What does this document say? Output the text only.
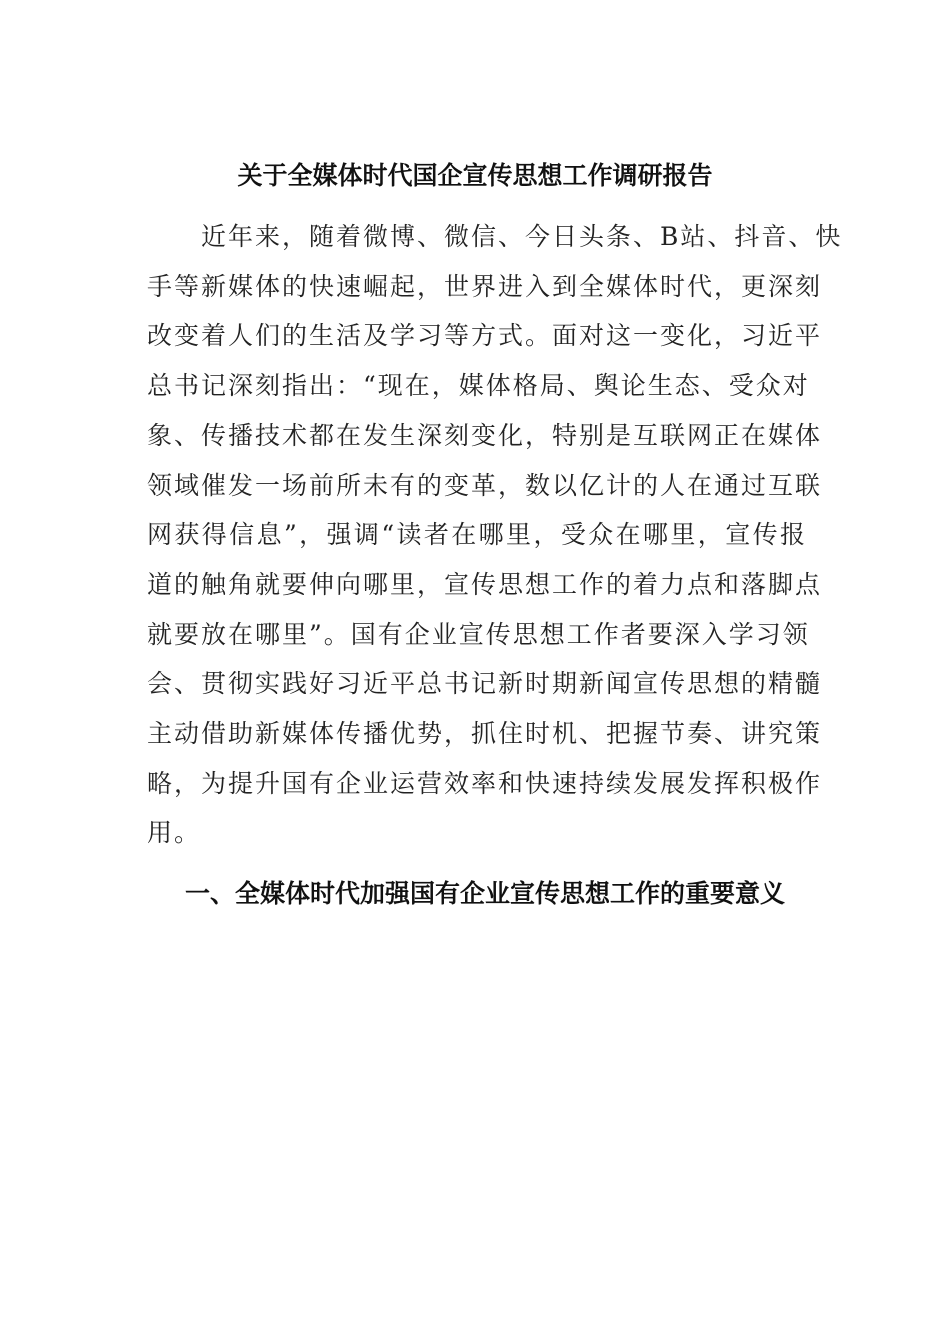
关于全媒体时代国企宣传思想工作调研报告
　　近年来，随着微博、微信、今日头条、B站、抖音、快
手等新媒体的快速崛起，世界进入到全媒体时代，更深刻
改变着人们的生活及学习等方式。面对这一变化，习近平
总书记深刻指出：“现在，媒体格局、舆论生态、受众对
象、传播技术都在发生深刻变化，特别是互联网正在媒体
领域催发一场前所未有的变革，数以亿计的人在通过互联
网获得信息”，强调“读者在哪里，受众在哪里，宣传报
道的触角就要伸向哪里，宣传思想工作的着力点和落脚点
就要放在哪里”。国有企业宣传思想工作者要深入学习领
会、贯彻实践好习近平总书记新时期新闻宣传思想的精髓
主动借助新媒体传播优势，抓住时机、把握节奏、讲究策
略，为提升国有企业运营效率和快速持续发展发挥积极作
用。
一、全媒体时代加强国有企业宣传思想工作的重要意义
